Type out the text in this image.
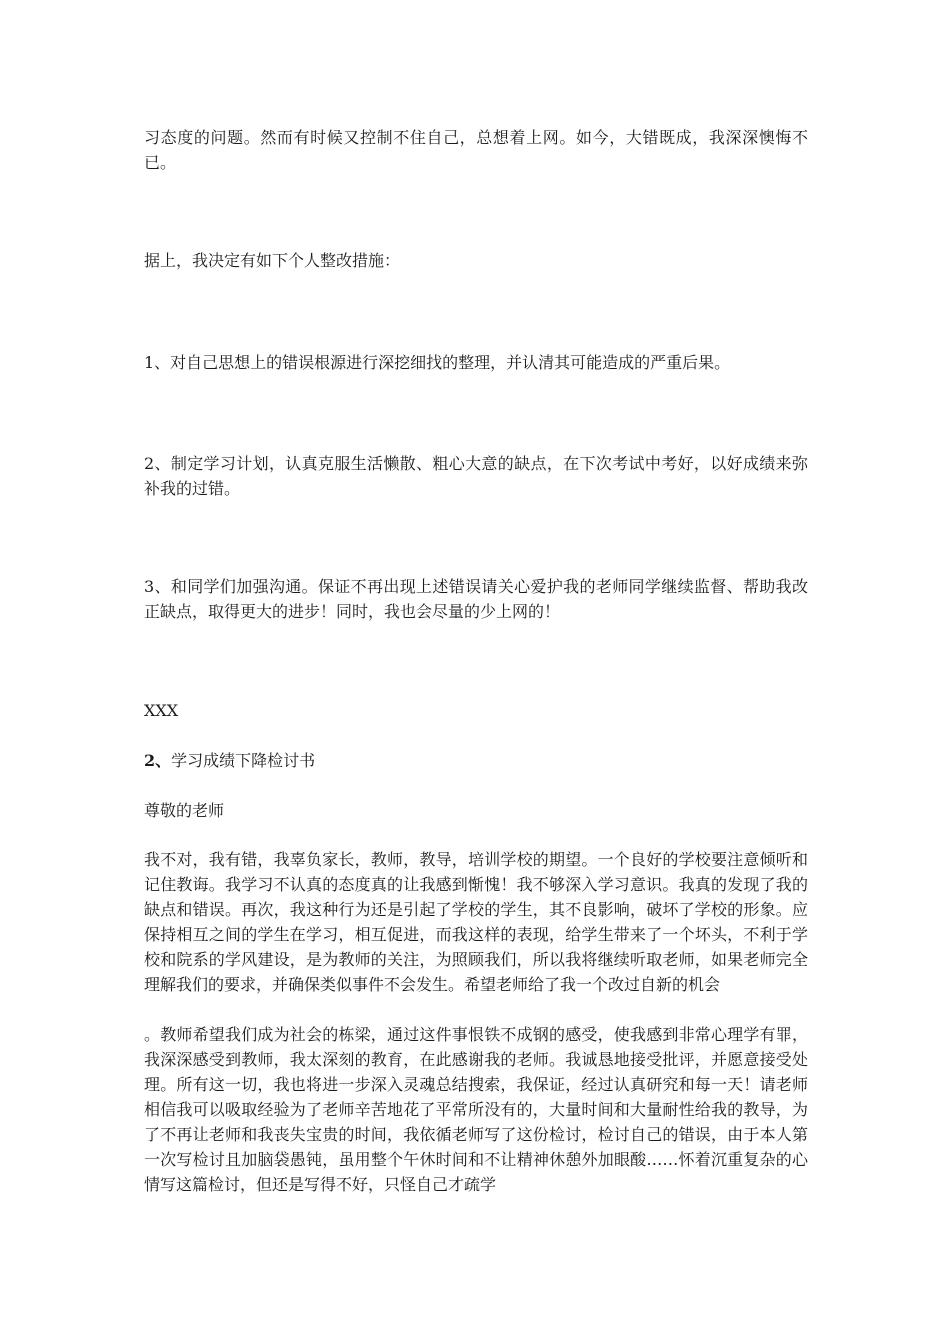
习态度的问题。然而有时候又控制不住自己，总想着上网。如今，大错既成，我深深懊悔不已。

据上，我决定有如下个人整改措施：

1、对自己思想上的错误根源进行深挖细找的整理，并认清其可能造成的严重后果。

2、制定学习计划，认真克服生活懒散、粗心大意的缺点，在下次考试中考好，以好成绩来弥补我的过错。

3、和同学们加强沟通。保证不再出现上述错误请关心爱护我的老师同学继续监督、帮助我改正缺点，取得更大的进步！同时，我也会尽量的少上网的！

XXX

2、学习成绩下降检讨书

尊敬的老师

我不对，我有错，我辜负家长，教师，教导，培训学校的期望。一个良好的学校要注意倾听和记住教诲。我学习不认真的态度真的让我感到惭愧！我不够深入学习意识。我真的发现了我的缺点和错误。再次，我这种行为还是引起了学校的学生，其不良影响，破坏了学校的形象。应保持相互之间的学生在学习，相互促进，而我这样的表现，给学生带来了一个坏头，不利于学校和院系的学风建设，是为教师的关注，为照顾我们，所以我将继续听取老师，如果老师完全理解我们的要求，并确保类似事件不会发生。希望老师给了我一个改过自新的机会

。教师希望我们成为社会的栋梁，通过这件事恨铁不成钢的感受，使我感到非常心理学有罪，我深深感受到教师，我太深刻的教育，在此感谢我的老师。我诚恳地接受批评，并愿意接受处理。所有这一切，我也将进一步深入灵魂总结搜索，我保证，经过认真研究和每一天！请老师相信我可以吸取经验为了老师辛苦地花了平常所没有的，大量时间和大量耐性给我的教导，为了不再让老师和我丧失宝贵的时间，我依循老师写了这份检讨，检讨自己的错误，由于本人第一次写检讨且加脑袋愚钝，虽用整个午休时间和不让精神休憩外加眼酸……怀着沉重复杂的心情写这篇检讨，但还是写得不好，只怪自己才疏学
